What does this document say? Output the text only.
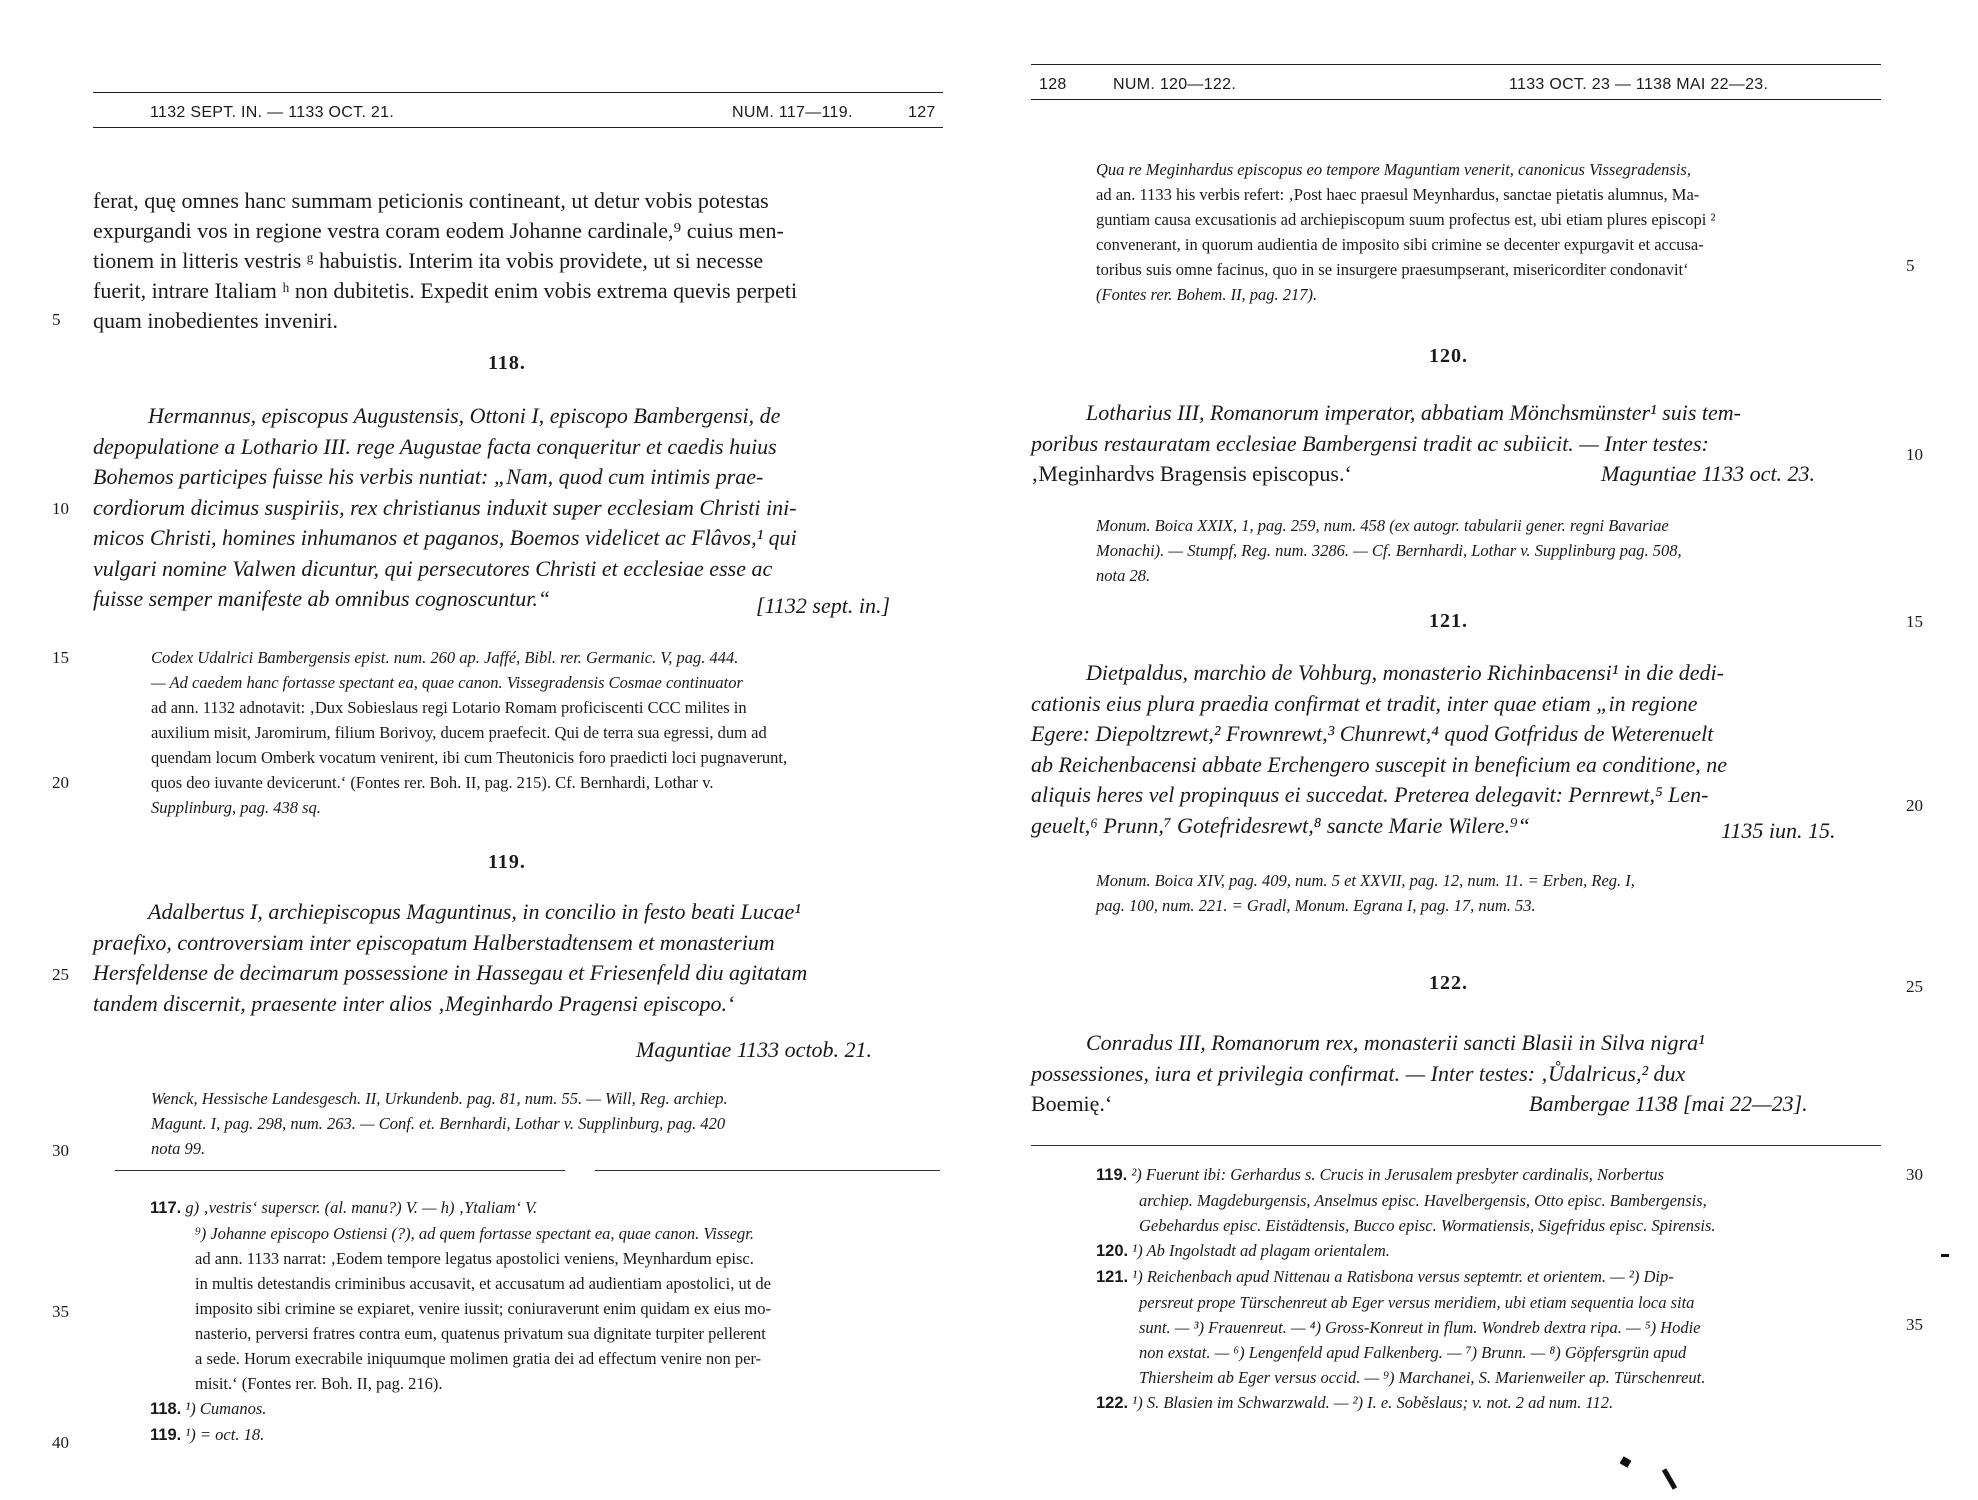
1132 SEPT. IN. — 1133 OCT. 21.	NUM. 117—119.	127
ferat, quę omnes hanc summam peticionis contineant, ut detur vobis potestas
expurgandi vos in regione vestra coram eodem Johanne cardinale,⁹ cuius men-
tionem in litteris vestris ᵍ habuistis. Interim ita vobis providete, ut si necesse
fuerit, intrare Italiam ʰ non dubitetis. Expedit enim vobis extrema quevis perpeti
quam inobedientes inveniri.
118.
Hermannus, episcopus Augustensis, Ottoni I, episcopo Bambergensi, de
depopulatione a Lothario III. rege Augustae facta conqueritur et caedis huius
Bohemos participes fuisse his verbis nuntiat: „Nam, quod cum intimis prae-
cordiorum dicimus suspiriis, rex christianus induxit super ecclesiam Christi ini-
micos Christi, homines inhumanos et paganos, Boemos videlicet ac Flâvos,¹ qui
vulgari nomine Valwen dicuntur, qui persecutores Christi et ecclesiae esse ac
fuisse semper manifeste ab omnibus cognoscuntur.“	[1132 sept. in.]
Codex Udalrici Bambergensis epist. num. 260 ap. Jaffé, Bibl. rer. Germanic. V, pag. 444.
— Ad caedem hanc fortasse spectant ea, quae canon. Vissegradensis Cosmae continuator
ad ann. 1132 adnotavit: ‚Dux Sobieslaus regi Lotario Romam proficiscenti CCC milites in
auxilium misit, Jaromirum, filium Borivoy, ducem praefecit. Qui de terra sua egressi, dum ad
quendam locum Omberk vocatum venirent, ibi cum Theutonicis foro praedicti loci pugnaverunt,
quos deo iuvante devicerunt.‘ (Fontes rer. Boh. II, pag. 215). Cf. Bernhardi, Lothar v.
Supplinburg, pag. 438 sq.
119.
Adalbertus I, archiepiscopus Maguntinus, in concilio in festo beati Lucae¹
praefixo, controversiam inter episcopatum Halberstadtensem et monasterium
Hersfeldense de decimarum possessione in Hassegau et Friesenfeld diu agitatam
tandem discernit, praesente inter alios ‚Meginhardo Pragensi episcopo.‘
Maguntiae 1133 octob. 21.
Wenck, Hessische Landesgesch. II, Urkundenb. pag. 81, num. 55. — Will, Reg. archiep.
Magunt. I, pag. 298, num. 263. — Conf. et. Bernhardi, Lothar v. Supplinburg, pag. 420
nota 99.
117. g) ‚vestris‘ superscr. (al. manu?) V. — h) ‚Ytaliam‘ V.
⁹) Johanne episcopo Ostiensi (?), ad quem fortasse spectant ea, quae canon. Vissegr.
ad ann. 1133 narrat: ‚Eodem tempore legatus apostolici veniens, Meynhardum episc.
in multis detestandis criminibus accusavit, et accusatum ad audientiam apostolici, ut de
imposito sibi crimine se expiaret, venire iussit; coniuraverunt enim quidam ex eius mo-
nasterio, perversi fratres contra eum, quatenus privatum sua dignitate turpiter pellerent
a sede. Horum execrabile iniquumque molimen gratia dei ad effectum venire non per-
misit.‘ (Fontes rer. Boh. II, pag. 216).
118. ¹) Cumanos.
119. ¹) = oct. 18.
5
10
15
20
25
30
35
40
128	NUM. 120—122.	1133 OCT. 23 — 1138 MAI 22—23.
Qua re Meginhardus episcopus eo tempore Maguntiam venerit, canonicus Vissegradensis,
ad an. 1133 his verbis refert: ‚Post haec praesul Meynhardus, sanctae pietatis alumnus, Ma-
guntiam causa excusationis ad archiepiscopum suum profectus est, ubi etiam plures episcopi ²
convenerant, in quorum audientia de imposito sibi crimine se decenter expurgavit et accusa-
toribus suis omne facinus, quo in se insurgere praesumpserant, misericorditer condonavit‘
(Fontes rer. Bohem. II, pag. 217).
120.
Lotharius III, Romanorum imperator, abbatiam Mönchsmünster¹ suis tem-
poribus restauratam ecclesiae Bambergensi tradit ac subiicit. — Inter testes:
‚Meginhardvs Bragensis episcopus.‘	Maguntiae 1133 oct. 23.
Monum. Boica XXIX, 1, pag. 259, num. 458 (ex autogr. tabularii gener. regni Bavariae
Monachi). — Stumpf, Reg. num. 3286. — Cf. Bernhardi, Lothar v. Supplinburg pag. 508,
nota 28.
121.
Dietpaldus, marchio de Vohburg, monasterio Richinbacensi¹ in die dedi-
cationis eius plura praedia confirmat et tradit, inter quae etiam „in regione
Egere: Diepoltzrewt,² Frownrewt,³ Chunrewt,⁴ quod Gotfridus de Weterenuelt
ab Reichenbacensi abbate Erchengero suscepit in beneficium ea conditione, ne
aliquis heres vel propinquus ei succedat. Preterea delegavit: Pernrewt,⁵ Len-
geuelt,⁶ Prunn,⁷ Gotefridesrewt,⁸ sancte Marie Wilere.⁹“	1135 iun. 15.
Monum. Boica XIV, pag. 409, num. 5 et XXVII, pag. 12, num. 11. = Erben, Reg. I,
pag. 100, num. 221. = Gradl, Monum. Egrana I, pag. 17, num. 53.
122.
Conradus III, Romanorum rex, monasterii sancti Blasii in Silva nigra¹
possessiones, iura et privilegia confirmat. — Inter testes: ‚Ůdalricus,² dux
Boemię.‘	Bambergae 1138 [mai 22—23].
119. ²) Fuerunt ibi: Gerhardus s. Crucis in Jerusalem presbyter cardinalis, Norbertus
archiep. Magdeburgensis, Anselmus episc. Havelbergensis, Otto episc. Bambergensis,
Gebehardus episc. Eistädtensis, Bucco episc. Wormatiensis, Sigefridus episc. Spirensis.
120. ¹) Ab Ingolstadt ad plagam orientalem.
121. ¹) Reichenbach apud Nittenau a Ratisbona versus septemtr. et orientem. — ²) Dip-
persreut prope Türschenreut ab Eger versus meridiem, ubi etiam sequentia loca sita
sunt. — ³) Frauenreut. — ⁴) Gross-Konreut in flum. Wondreb dextra ripa. — ⁵) Hodie
non exstat. — ⁶) Lengenfeld apud Falkenberg. — ⁷) Brunn. — ⁸) Göpfersgrün apud
Thiersheim ab Eger versus occid. — ⁹) Marchanei, S. Marienweiler ap. Türschenreut.
122. ¹) S. Blasien im Schwarzwald. — ²) I. e. Soběslaus; v. not. 2 ad num. 112.
5
10
15
20
25
30
35
